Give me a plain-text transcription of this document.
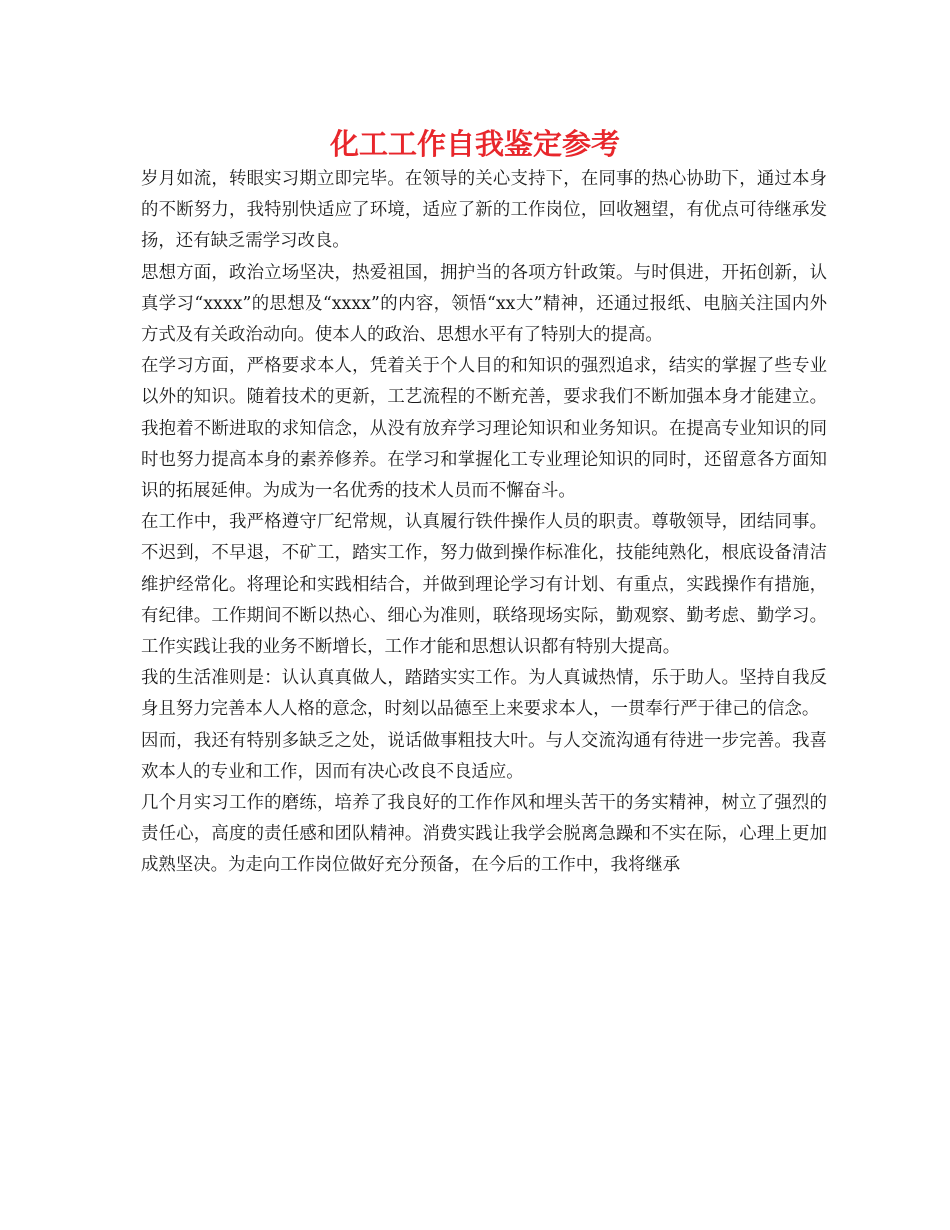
化工工作自我鉴定参考

岁月如流，转眼实习期立即完毕。在领导的关心支持下，在同事的热心协助下，通过本身的不断努力，我特别快适应了环境，适应了新的工作岗位，回收翘望，有优点可待继承发扬，还有缺乏需学习改良。

思想方面，政治立场坚决，热爱祖国，拥护当的各项方针政策。与时俱进，开拓创新，认真学习“xxxx”的思想及“xxxx”的内容，领悟“xx大”精神，还通过报纸、电脑关注国内外方式及有关政治动向。使本人的政治、思想水平有了特别大的提高。

在学习方面，严格要求本人，凭着关于个人目的和知识的强烈追求，结实的掌握了些专业以外的知识。随着技术的更新，工艺流程的不断充善，要求我们不断加强本身才能建立。我抱着不断进取的求知信念，从没有放弃学习理论知识和业务知识。在提高专业知识的同时也努力提高本身的素养修养。在学习和掌握化工专业理论知识的同时，还留意各方面知识的拓展延伸。为成为一名优秀的技术人员而不懈奋斗。

在工作中，我严格遵守厂纪常规，认真履行铁件操作人员的职责。尊敬领导，团结同事。不迟到，不早退，不矿工，踏实工作，努力做到操作标准化，技能纯熟化，根底设备清洁维护经常化。将理论和实践相结合，并做到理论学习有计划、有重点，实践操作有措施，有纪律。工作期间不断以热心、细心为准则，联络现场实际，勤观察、勤考虑、勤学习。工作实践让我的业务不断增长，工作才能和思想认识都有特别大提高。

我的生活准则是：认认真真做人，踏踏实实工作。为人真诚热情，乐于助人。坚持自我反身且努力完善本人人格的意念，时刻以品德至上来要求本人，一贯奉行严于律己的信念。

因而，我还有特别多缺乏之处，说话做事粗技大叶。与人交流沟通有待进一步完善。我喜欢本人的专业和工作，因而有决心改良不良适应。

几个月实习工作的磨练，培养了我良好的工作作风和埋头苦干的务实精神，树立了强烈的责任心，高度的责任感和团队精神。消费实践让我学会脱离急躁和不实在际，心理上更加成熟坚决。为走向工作岗位做好充分预备，在今后的工作中，我将继承
